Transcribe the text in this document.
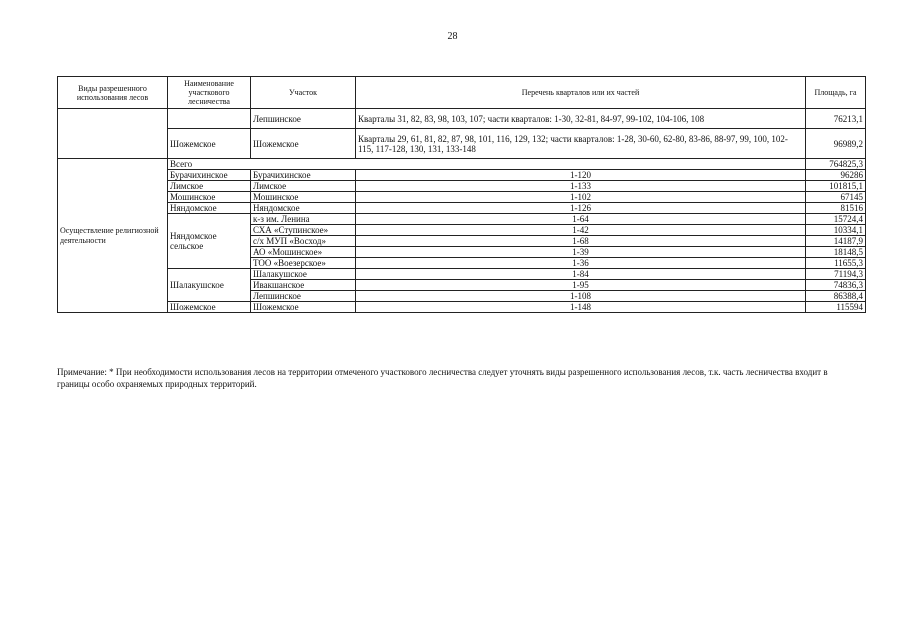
28
Виды разрешенного использования лесов	Наименование участкового лесничества	Участок	Перечень кварталов или их частей	Площадь, га
		Лепшинское	Кварталы 31, 82, 83, 98, 103, 107; части кварталов: 1-30, 32-81, 84-97, 99-102, 104-106, 108	76213,1
	Шожемское	Шожемское	Кварталы 29, 61, 81, 82, 87, 98, 101, 116, 129, 132; части кварталов: 1-28, 30-60, 62-80, 83-86, 88-97, 99, 100, 102-115, 117-128, 130, 131, 133-148	96989,2
Осуществление религиозной деятельности	Всего			764825,3
	Бурачихинское	Бурачихинское	1-120	96286
	Лимское	Лимское	1-133	101815,1
	Мошинское	Мошинское	1-102	67145
	Няндомское	Няндомское	1-126	81516
	Няндомское сельское	к-з им. Ленина	1-64	15724,4
		СХА «Ступинское»	1-42	10334,1
		с/х МУП «Восход»	1-68	14187,9
		АО «Мошинское»	1-39	18148,5
		ТОО «Воезерское»	1-36	11655,3
	Шалакушское	Шалакушское	1-84	71194,3
		Ивакшанское	1-95	74836,3
		Лепшинское	1-108	86388,4
	Шожемское	Шожемское	1-148	115594
Примечание: * При необходимости использования лесов на территории отмеченого участкового лесничества следует уточнять виды разрешенного использования лесов, т.к. часть лесничества входит в границы особо охраняемых природных территорий.
